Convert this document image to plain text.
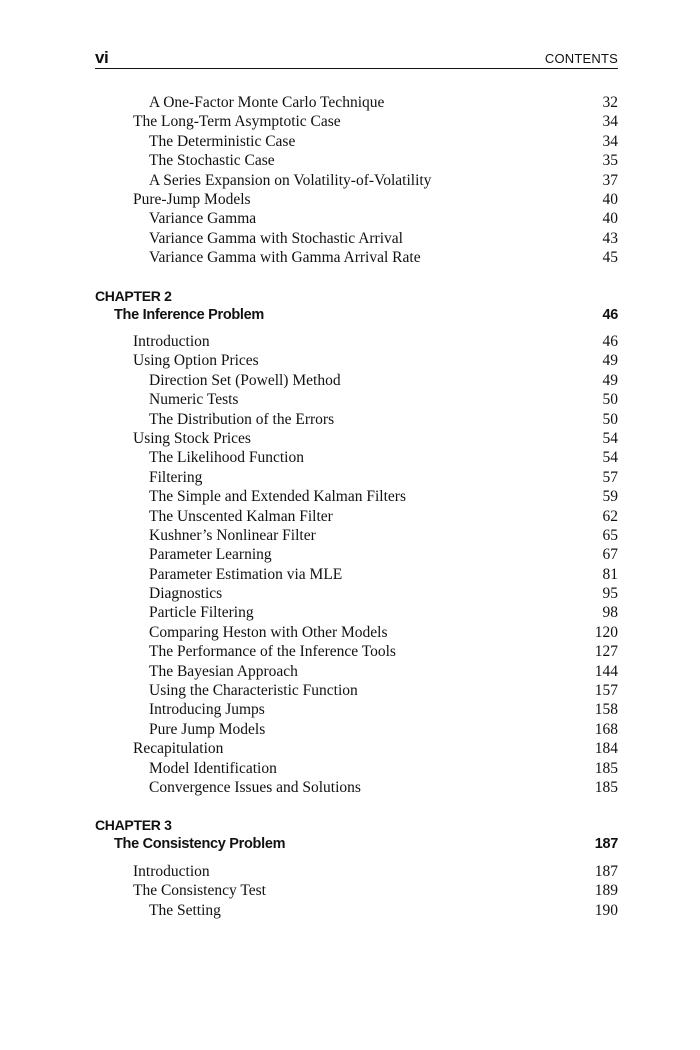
vi	CONTENTS
A One-Factor Monte Carlo Technique	32
The Long-Term Asymptotic Case	34
The Deterministic Case	34
The Stochastic Case	35
A Series Expansion on Volatility-of-Volatility	37
Pure-Jump Models	40
Variance Gamma	40
Variance Gamma with Stochastic Arrival	43
Variance Gamma with Gamma Arrival Rate	45
CHAPTER 2
The Inference Problem	46
Introduction	46
Using Option Prices	49
Direction Set (Powell) Method	49
Numeric Tests	50
The Distribution of the Errors	50
Using Stock Prices	54
The Likelihood Function	54
Filtering	57
The Simple and Extended Kalman Filters	59
The Unscented Kalman Filter	62
Kushner’s Nonlinear Filter	65
Parameter Learning	67
Parameter Estimation via MLE	81
Diagnostics	95
Particle Filtering	98
Comparing Heston with Other Models	120
The Performance of the Inference Tools	127
The Bayesian Approach	144
Using the Characteristic Function	157
Introducing Jumps	158
Pure Jump Models	168
Recapitulation	184
Model Identification	185
Convergence Issues and Solutions	185
CHAPTER 3
The Consistency Problem	187
Introduction	187
The Consistency Test	189
The Setting	190
